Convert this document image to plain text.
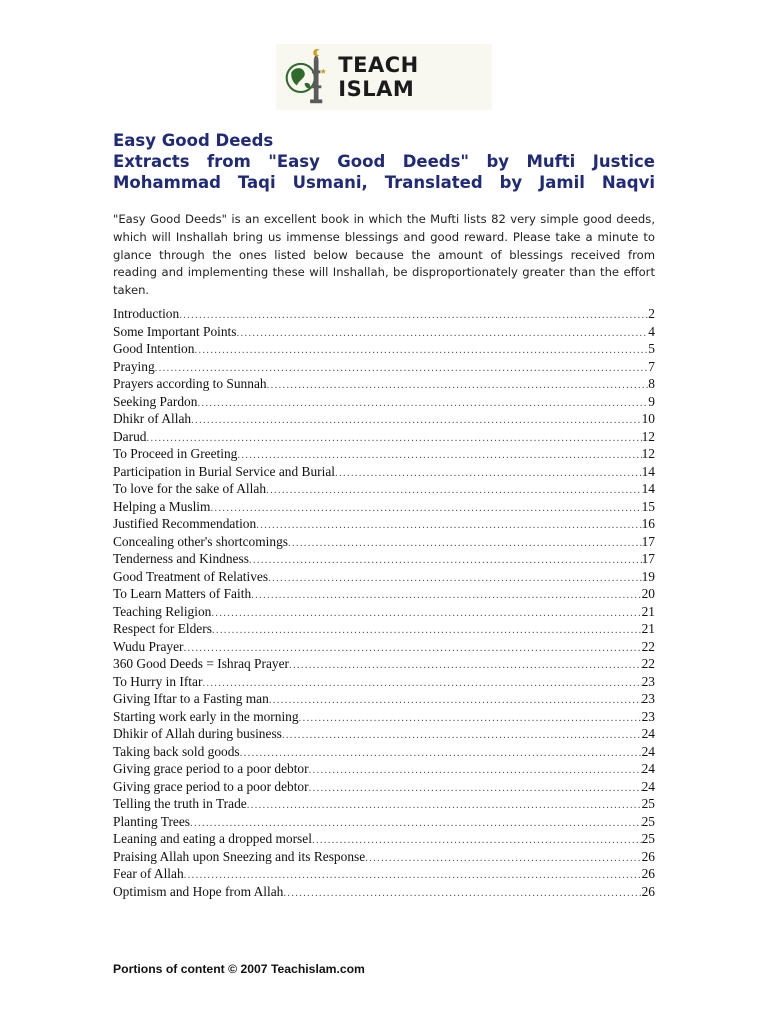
TEACH ISLAM
Easy Good Deeds
Extracts from "Easy Good Deeds" by Mufti Justice
Mohammad Taqi Usmani, Translated by Jamil Naqvi

"Easy Good Deeds" is an excellent book in which the Mufti lists 82 very simple good deeds, which will Inshallah bring us immense blessings and good reward. Please take a minute to glance through the ones listed below because the amount of blessings received from reading and implementing these will Inshallah, be disproportionately greater than the effort taken.

Introduction .....	2
Some Important Points .....	4
Good Intention .....	5
Praying .....	7
Prayers according to Sunnah .....	8
Seeking Pardon .....	9
Dhikr of Allah .....	10
Darud .....	12
To Proceed in Greeting .....	12
Participation in Burial Service and Burial .....	14
To love for the sake of Allah .....	14
Helping a Muslim .....	15
Justified Recommendation .....	16
Concealing other's shortcomings .....	17
Tenderness and Kindness .....	17
Good Treatment of Relatives .....	19
To Learn Matters of Faith .....	20
Teaching Religion .....	21
Respect for Elders .....	21
Wudu Prayer .....	22
360 Good Deeds = Ishraq Prayer .....	22
To Hurry in Iftar .....	23
Giving Iftar to a Fasting man .....	23
Starting work early in the morning .....	23
Dhikir of Allah during business .....	24
Taking back sold goods .....	24
Giving grace period to a poor debtor .....	24
Giving grace period to a poor debtor .....	24
Telling the truth in Trade .....	25
Planting Trees .....	25
Leaning and eating a dropped morsel .....	25
Praising Allah upon Sneezing and its Response .....	26
Fear of Allah .....	26
Optimism and Hope from Allah .....	26
Portions of content © 2007 Teachislam.com
